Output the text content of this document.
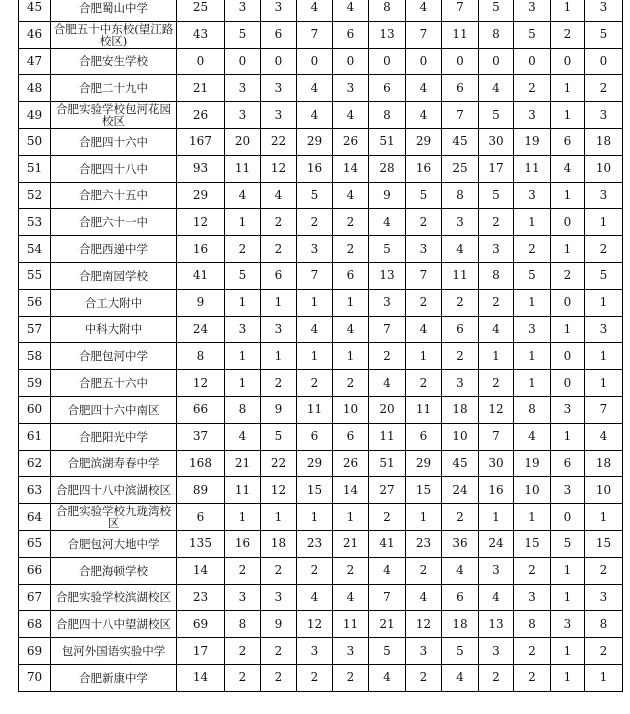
45	合肥蜀山中学	25	3	3	4	4	8	4	7	5	3	1	3
46	合肥五十中东校(望江路校区)	43	5	6	7	6	13	7	11	8	5	2	5
47	合肥安生学校	0	0	0	0	0	0	0	0	0	0	0	0
48	合肥二十九中	21	3	3	4	3	6	4	6	4	2	1	2
49	合肥实验学校包河花园校区	26	3	3	4	4	8	4	7	5	3	1	3
50	合肥四十六中	167	20	22	29	26	51	29	45	30	19	6	18
51	合肥四十八中	93	11	12	16	14	28	16	25	17	11	4	10
52	合肥六十五中	29	4	4	5	4	9	5	8	5	3	1	3
53	合肥六十一中	12	1	2	2	2	4	2	3	2	1	0	1
54	合肥西递中学	16	2	2	3	2	5	3	4	3	2	1	2
55	合肥南园学校	41	5	6	7	6	13	7	11	8	5	2	5
56	合工大附中	9	1	1	1	1	3	2	2	2	1	0	1
57	中科大附中	24	3	3	4	4	7	4	6	4	3	1	3
58	合肥包河中学	8	1	1	1	1	2	1	2	1	1	0	1
59	合肥五十六中	12	1	2	2	2	4	2	3	2	1	0	1
60	合肥四十六中南区	66	8	9	11	10	20	11	18	12	8	3	7
61	合肥阳光中学	37	4	5	6	6	11	6	10	7	4	1	4
62	合肥滨湖寿春中学	168	21	22	29	26	51	29	45	30	19	6	18
63	合肥四十八中滨湖校区	89	11	12	15	14	27	15	24	16	10	3	10
64	合肥实验学校九珑湾校区	6	1	1	1	1	2	1	2	1	1	0	1
65	合肥包河大地中学	135	16	18	23	21	41	23	36	24	15	5	15
66	合肥海顿学校	14	2	2	2	2	4	2	4	3	2	1	2
67	合肥实验学校滨湖校区	23	3	3	4	4	7	4	6	4	3	1	3
68	合肥四十八中望湖校区	69	8	9	12	11	21	12	18	13	8	3	8
69	包河外国语实验中学	17	2	2	3	3	5	3	5	3	2	1	2
70	合肥新康中学	14	2	2	2	2	4	2	4	2	2	1	1
